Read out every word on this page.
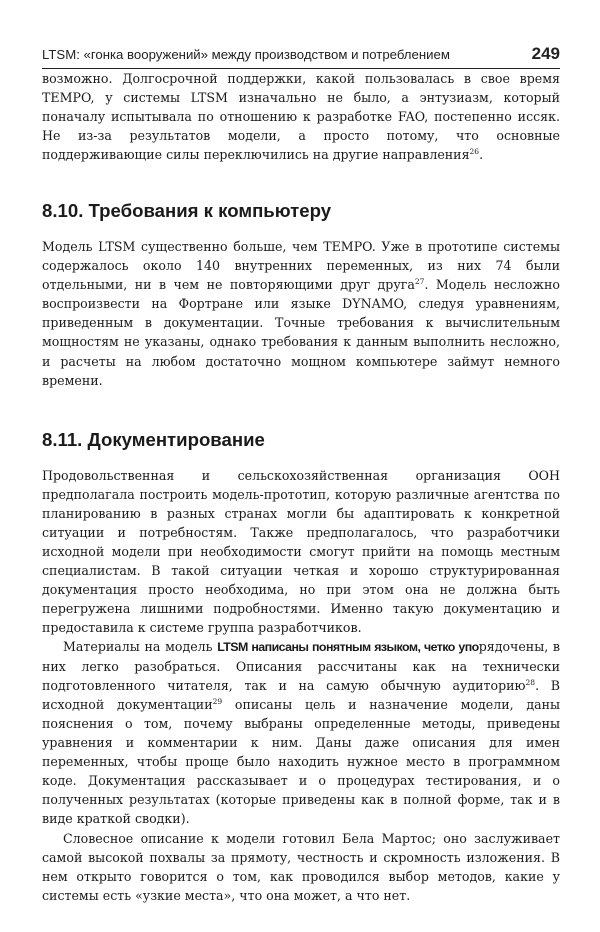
LTSM: «гонка вооружений» между производством и потреблением	249

возможно. Долгосрочной поддержки, какой пользовалась в свое время TEMPO, у системы LTSM изначально не было, а энтузиазм, который поначалу испытывала по отношению к разработке FAO, постепенно иссяк. Не из-за результатов модели, а просто потому, что основные поддерживающие силы переключились на другие направления$^{26}$.

8.10. Требования к компьютеру

Модель LTSM существенно больше, чем TEMPO. Уже в прототипе системы содержалось около 140 внутренних переменных, из них 74 были отдельными, ни в чем не повторяющими друг друга$^{27}$. Модель несложно воспроизвести на Фортране или языке DYNAMO, следуя уравнениям, приведенным в документации. Точные требования к вычислительным мощностям не указаны, однако требования к данным выполнить несложно, и расчеты на любом достаточно мощном компьютере займут немного времени.

8.11. Документирование

Продовольственная и сельскохозяйственная организация ООН предполагала построить модель-прототип, которую различные агентства по планированию в разных странах могли бы адаптировать к конкретной ситуации и потребностям. Также предполагалось, что разработчики исходной модели при необходимости смогут прийти на помощь местным специалистам. В такой ситуации четкая и хорошо структурированная документация просто необходима, но при этом она не должна быть перегружена лишними подробностями. Именно такую документацию и предоставила к системе группа разработчиков.

Материалы на модель LTSM написаны понятным языком, четко упорядочены, в них легко разобраться. Описания рассчитаны как на технически подготовленного читателя, так и на самую обычную аудиторию$^{28}$. В исходной документации$^{29}$ описаны цель и назначение модели, даны пояснения о том, почему выбраны определенные методы, приведены уравнения и комментарии к ним. Даны даже описания для имен переменных, чтобы проще было находить нужное место в программном коде. Документация рассказывает и о процедурах тестирования, и о полученных результатах (которые приведены как в полной форме, так и в виде краткой сводки).

Словесное описание к модели готовил Бела Мартос; оно заслуживает самой высокой похвалы за прямоту, честность и скромность изложения. В нем открыто говорится о том, как проводился выбор методов, какие у системы есть «узкие места», что она может, а что нет.
